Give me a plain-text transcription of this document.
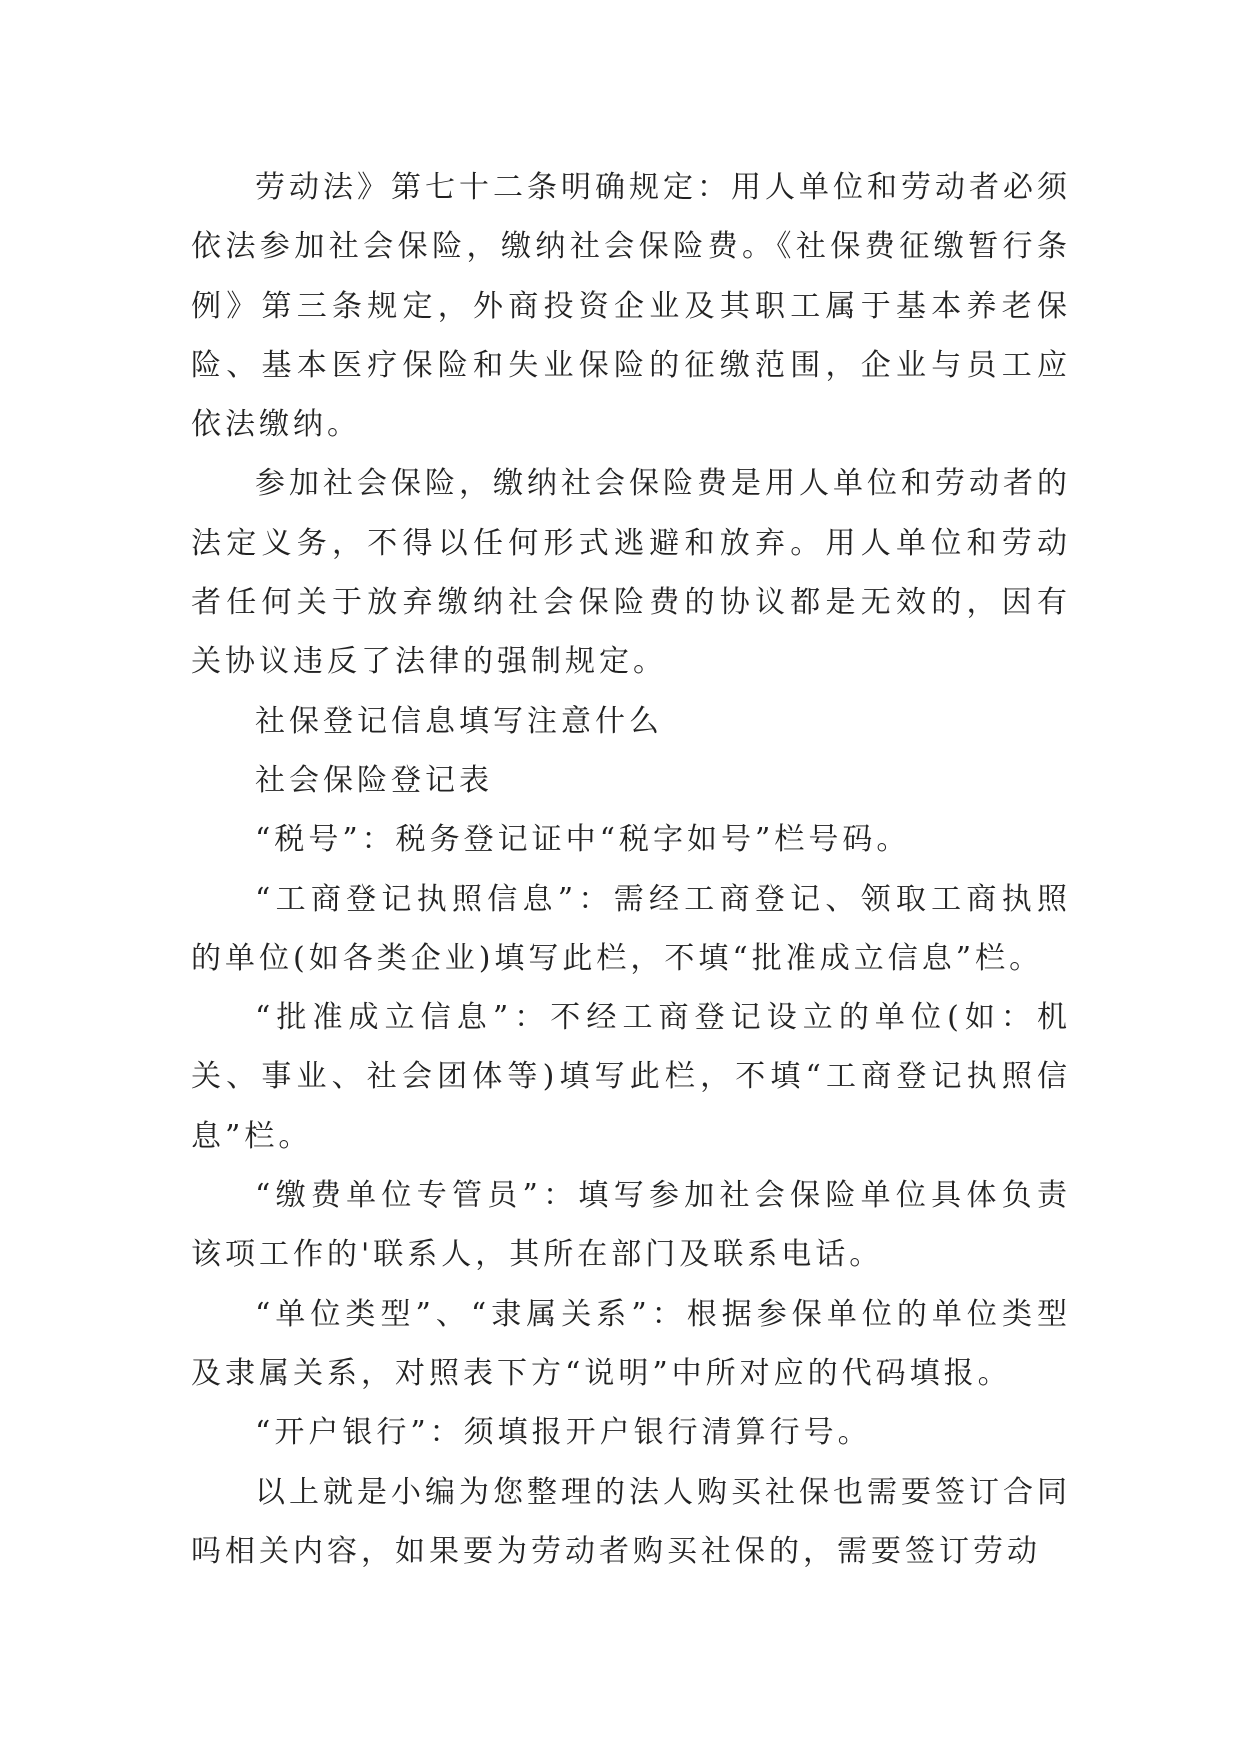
劳动法》第七十二条明确规定：用人单位和劳动者必须依法参加社会保险，缴纳社会保险费。《社保费征缴暂行条例》第三条规定，外商投资企业及其职工属于基本养老保险、基本医疗保险和失业保险的征缴范围，企业与员工应依法缴纳。

参加社会保险，缴纳社会保险费是用人单位和劳动者的法定义务，不得以任何形式逃避和放弃。用人单位和劳动者任何关于放弃缴纳社会保险费的协议都是无效的，因有关协议违反了法律的强制规定。

社保登记信息填写注意什么

社会保险登记表

“税号”：税务登记证中“税字如号”栏号码。

“工商登记执照信息”：需经工商登记、领取工商执照的单位(如各类企业)填写此栏，不填“批准成立信息”栏。

“批准成立信息”：不经工商登记设立的单位(如：机关、事业、社会团体等)填写此栏，不填“工商登记执照信息”栏。

“缴费单位专管员”：填写参加社会保险单位具体负责该项工作的'联系人，其所在部门及联系电话。

“单位类型”、“隶属关系”：根据参保单位的单位类型及隶属关系，对照表下方“说明”中所对应的代码填报。

“开户银行”：须填报开户银行清算行号。

以上就是小编为您整理的法人购买社保也需要签订合同吗相关内容，如果要为劳动者购买社保的，需要签订劳动
